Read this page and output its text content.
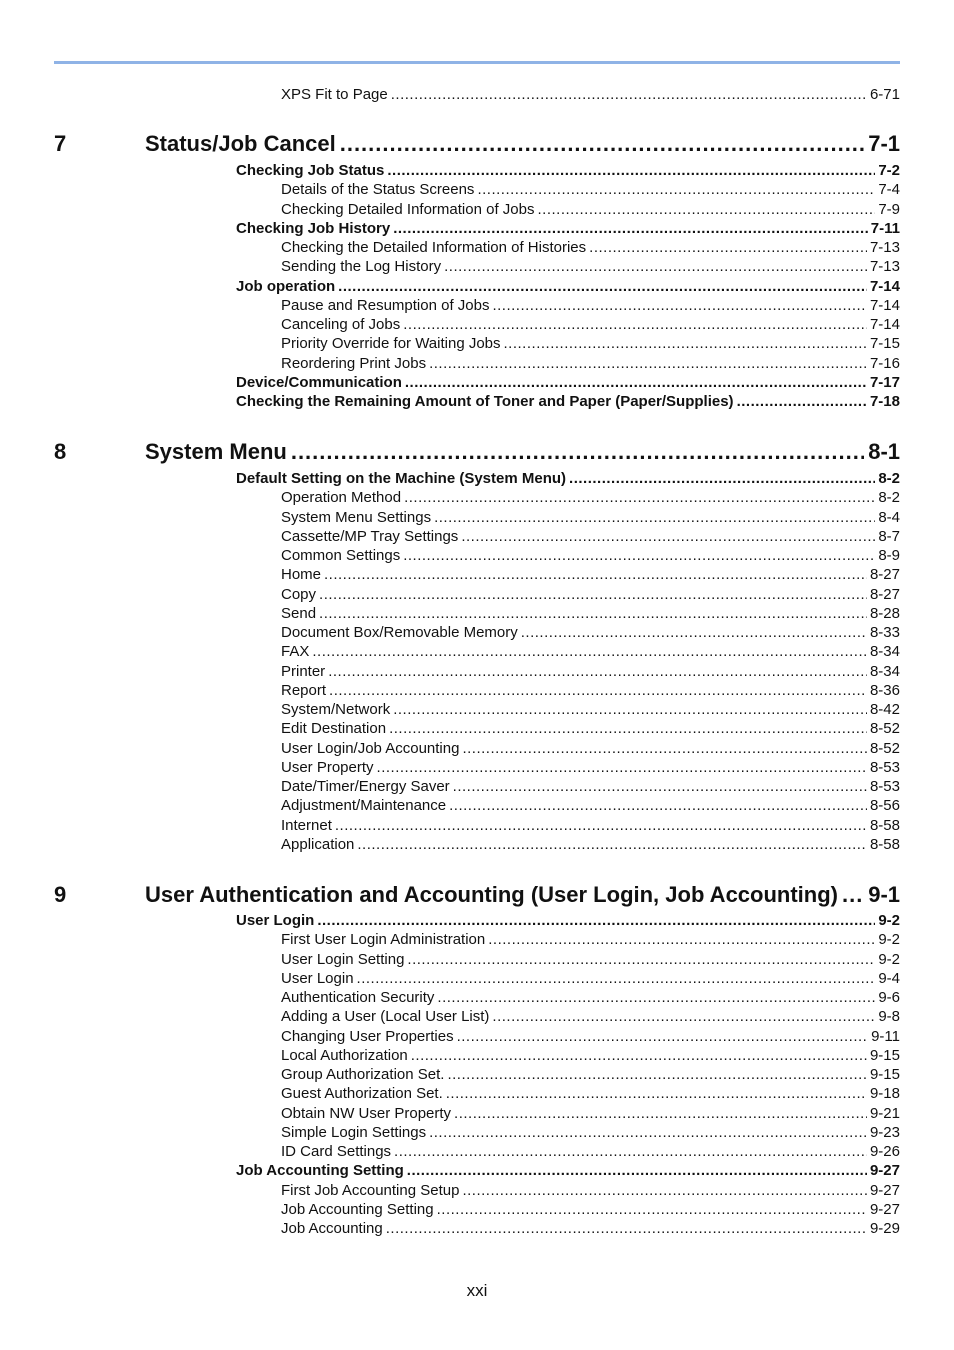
XPS Fit to Page .....	6-71
7	Status/Job Cancel .....	7-1
Checking Job Status .....	7-2
Details of the Status Screens .....	7-4
Checking Detailed Information of Jobs .....	7-9
Checking Job History .....	7-11
Checking the Detailed Information of Histories .....	7-13
Sending the Log History .....	7-13
Job operation .....	7-14
Pause and Resumption of Jobs .....	7-14
Canceling of Jobs .....	7-14
Priority Override for Waiting Jobs .....	7-15
Reordering Print Jobs .....	7-16
Device/Communication .....	7-17
Checking the Remaining Amount of Toner and Paper (Paper/Supplies) .....	7-18
8	System Menu .....	8-1
Default Setting on the Machine (System Menu) .....	8-2
Operation Method .....	8-2
System Menu Settings .....	8-4
Cassette/MP Tray Settings .....	8-7
Common Settings .....	8-9
Home .....	8-27
Copy .....	8-27
Send .....	8-28
Document Box/Removable Memory .....	8-33
FAX .....	8-34
Printer .....	8-34
Report .....	8-36
System/Network .....	8-42
Edit Destination .....	8-52
User Login/Job Accounting .....	8-52
User Property .....	8-53
Date/Timer/Energy Saver .....	8-53
Adjustment/Maintenance .....	8-56
Internet .....	8-58
Application .....	8-58
9	User Authentication and Accounting (User Login, Job Accounting) ..... 9-1
User Login .....	9-2
First User Login Administration .....	9-2
User Login Setting .....	9-2
User Login .....	9-4
Authentication Security .....	9-6
Adding a User (Local User List) .....	9-8
Changing User Properties .....	9-11
Local Authorization .....	9-15
Group Authorization Set. .....	9-15
Guest Authorization Set. .....	9-18
Obtain NW User Property .....	9-21
Simple Login Settings .....	9-23
ID Card Settings .....	9-26
Job Accounting Setting .....	9-27
First Job Accounting Setup .....	9-27
Job Accounting Setting .....	9-27
Job Accounting .....	9-29
xxi
